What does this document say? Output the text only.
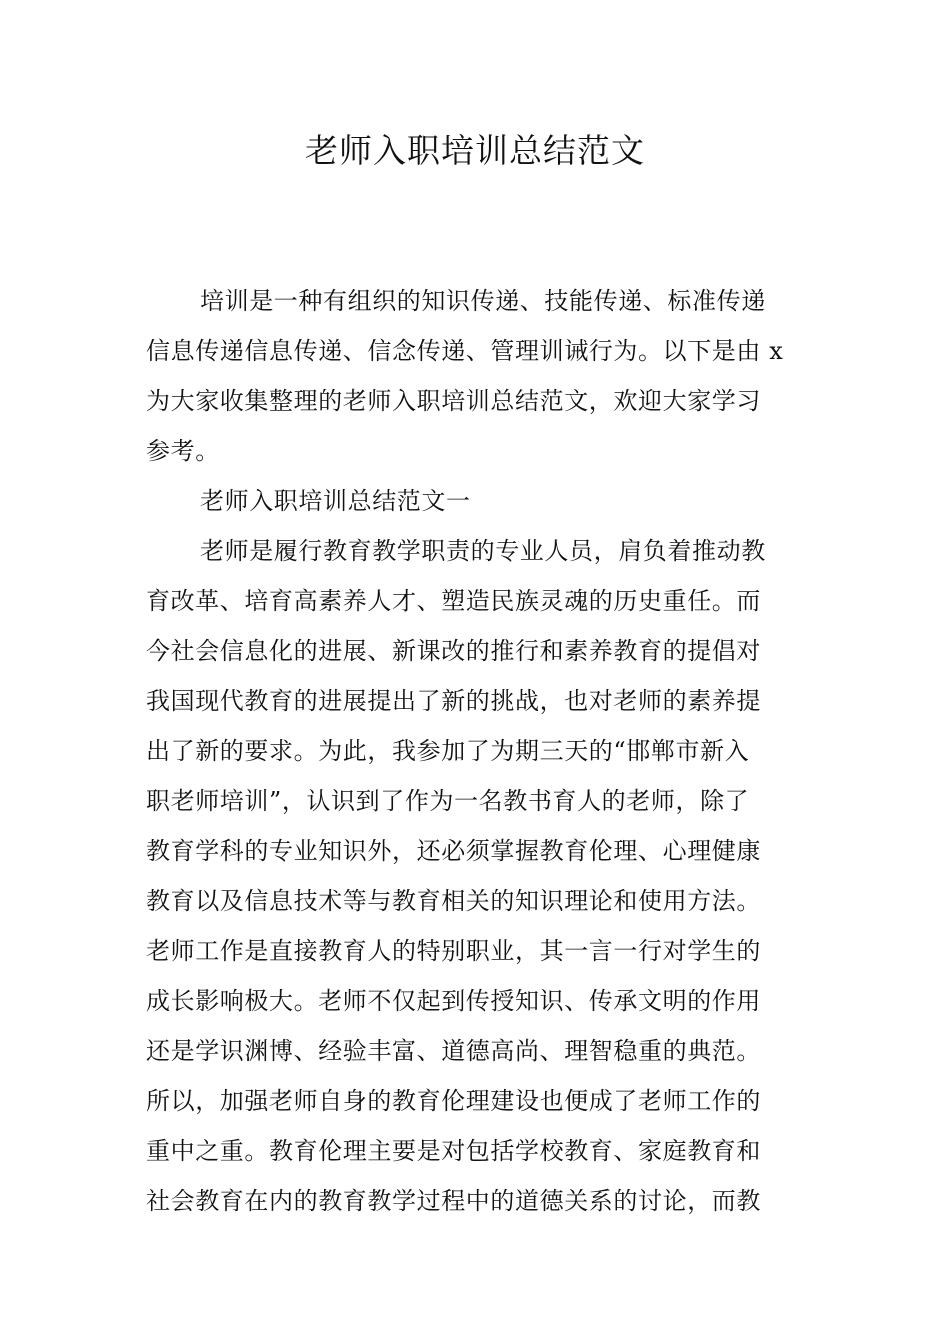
老师入职培训总结范文
培训是一种有组织的知识传递、技能传递、标准传递
信息传递信息传递、信念传递、管理训诫行为。以下是由 x
为大家收集整理的老师入职培训总结范文，欢迎大家学习
参考。
老师入职培训总结范文一
老师是履行教育教学职责的专业人员，肩负着推动教
育改革、培育高素养人才、塑造民族灵魂的历史重任。而
今社会信息化的进展、新课改的推行和素养教育的提倡对
我国现代教育的进展提出了新的挑战，也对老师的素养提
出了新的要求。为此，我参加了为期三天的“邯郸市新入
职老师培训”，认识到了作为一名教书育人的老师，除了
教育学科的专业知识外，还必须掌握教育伦理、心理健康
教育以及信息技术等与教育相关的知识理论和使用方法。
老师工作是直接教育人的特别职业，其一言一行对学生的
成长影响极大。老师不仅起到传授知识、传承文明的作用
还是学识渊博、经验丰富、道德高尚、理智稳重的典范。
所以，加强老师自身的教育伦理建设也便成了老师工作的
重中之重。教育伦理主要是对包括学校教育、家庭教育和
社会教育在内的教育教学过程中的道德关系的讨论，而教
